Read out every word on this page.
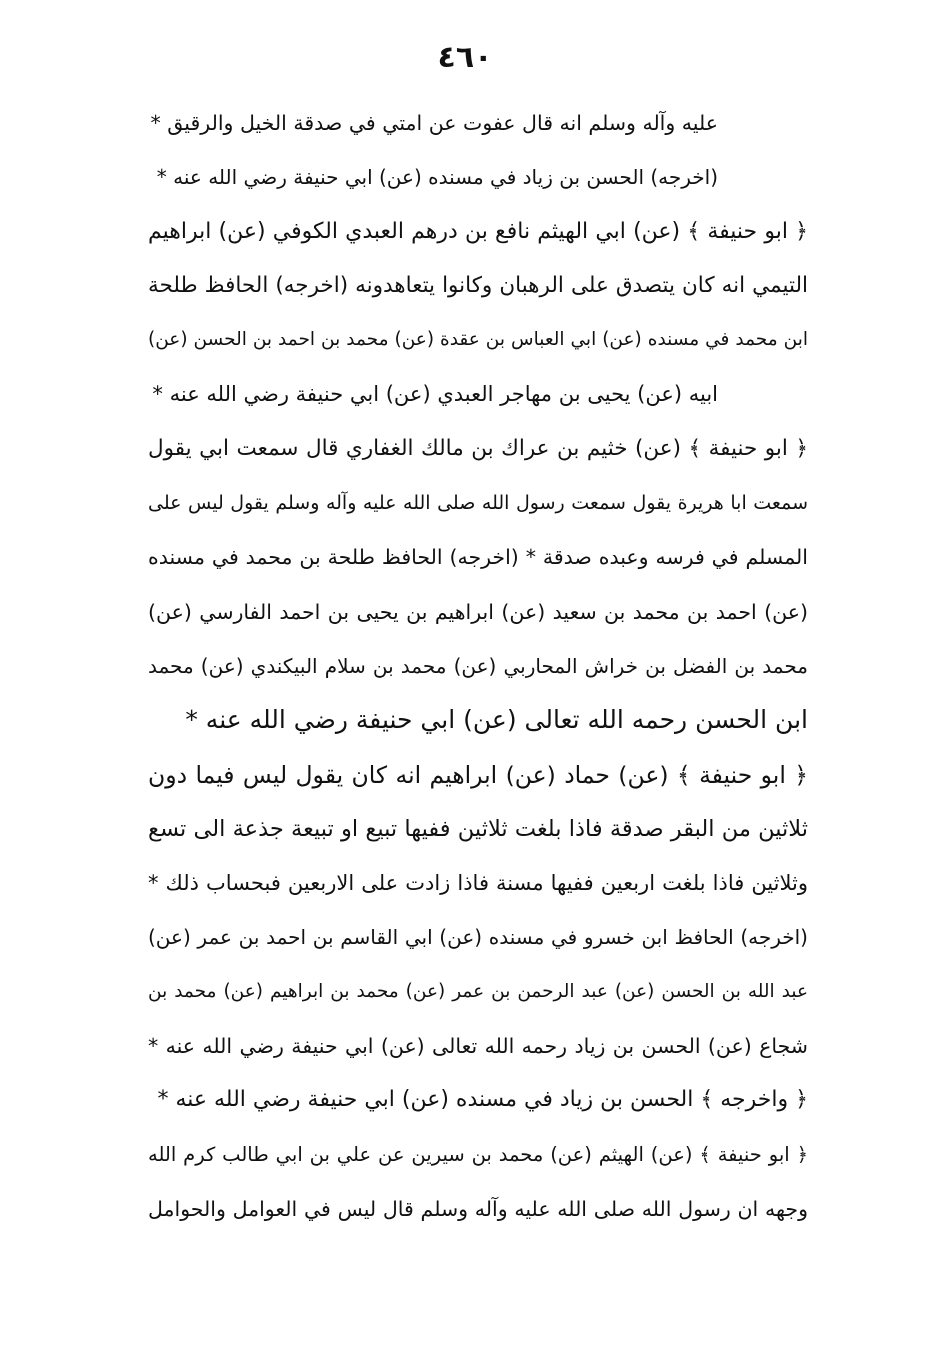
٤٦٠
عليه وآله وسلم انه قال عفوت عن امتي في صدقة الخيل والرقيق *
(اخرجه) الحسن بن زياد في مسنده (عن) ابي حنيفة رضي الله عنه *
﴿ ابو حنيفة ﴾ (عن) ابي الهيثم نافع بن درهم العبدي الكوفي (عن) ابراهيم
التيمي انه كان يتصدق على الرهبان وكانوا يتعاهدونه (اخرجه) الحافظ طلحة
ابن محمد في مسنده (عن) ابي العباس بن عقدة (عن) محمد بن احمد بن الحسن (عن)
ابيه (عن) يحيى بن مهاجر العبدي (عن) ابي حنيفة رضي الله عنه *
﴿ ابو حنيفة ﴾ (عن) خثيم بن عراك بن مالك الغفاري قال سمعت ابي يقول
سمعت ابا هريرة يقول سمعت رسول الله صلى الله عليه وآله وسلم يقول ليس على
المسلم في فرسه وعبده صدقة * (اخرجه) الحافظ طلحة بن محمد في مسنده
(عن) احمد بن محمد بن سعيد (عن) ابراهيم بن يحيى بن احمد الفارسي (عن)
محمد بن الفضل بن خراش المحاربي (عن) محمد بن سلام البيكندي (عن) محمد
ابن الحسن رحمه الله تعالى (عن) ابي حنيفة رضي الله عنه *
﴿ ابو حنيفة ﴾ (عن) حماد (عن) ابراهيم انه كان يقول ليس فيما دون
ثلاثين من البقر صدقة فاذا بلغت ثلاثين ففيها تبيع او تبيعة جذعة الى تسع
وثلاثين فاذا بلغت اربعين ففيها مسنة فاذا زادت على الاربعين فبحساب ذلك *
(اخرجه) الحافظ ابن خسرو في مسنده (عن) ابي القاسم بن احمد بن عمر (عن)
عبد الله بن الحسن (عن) عبد الرحمن بن عمر (عن) محمد بن ابراهيم (عن) محمد بن
شجاع (عن) الحسن بن زياد رحمه الله تعالى (عن) ابي حنيفة رضي الله عنه *
﴿ واخرجه ﴾ الحسن بن زياد في مسنده (عن) ابي حنيفة رضي الله عنه *
﴿ ابو حنيفة ﴾ (عن) الهيثم (عن) محمد بن سيرين عن علي بن ابي طالب كرم الله
وجهه ان رسول الله صلى الله عليه وآله وسلم قال ليس في العوامل والحوامل
